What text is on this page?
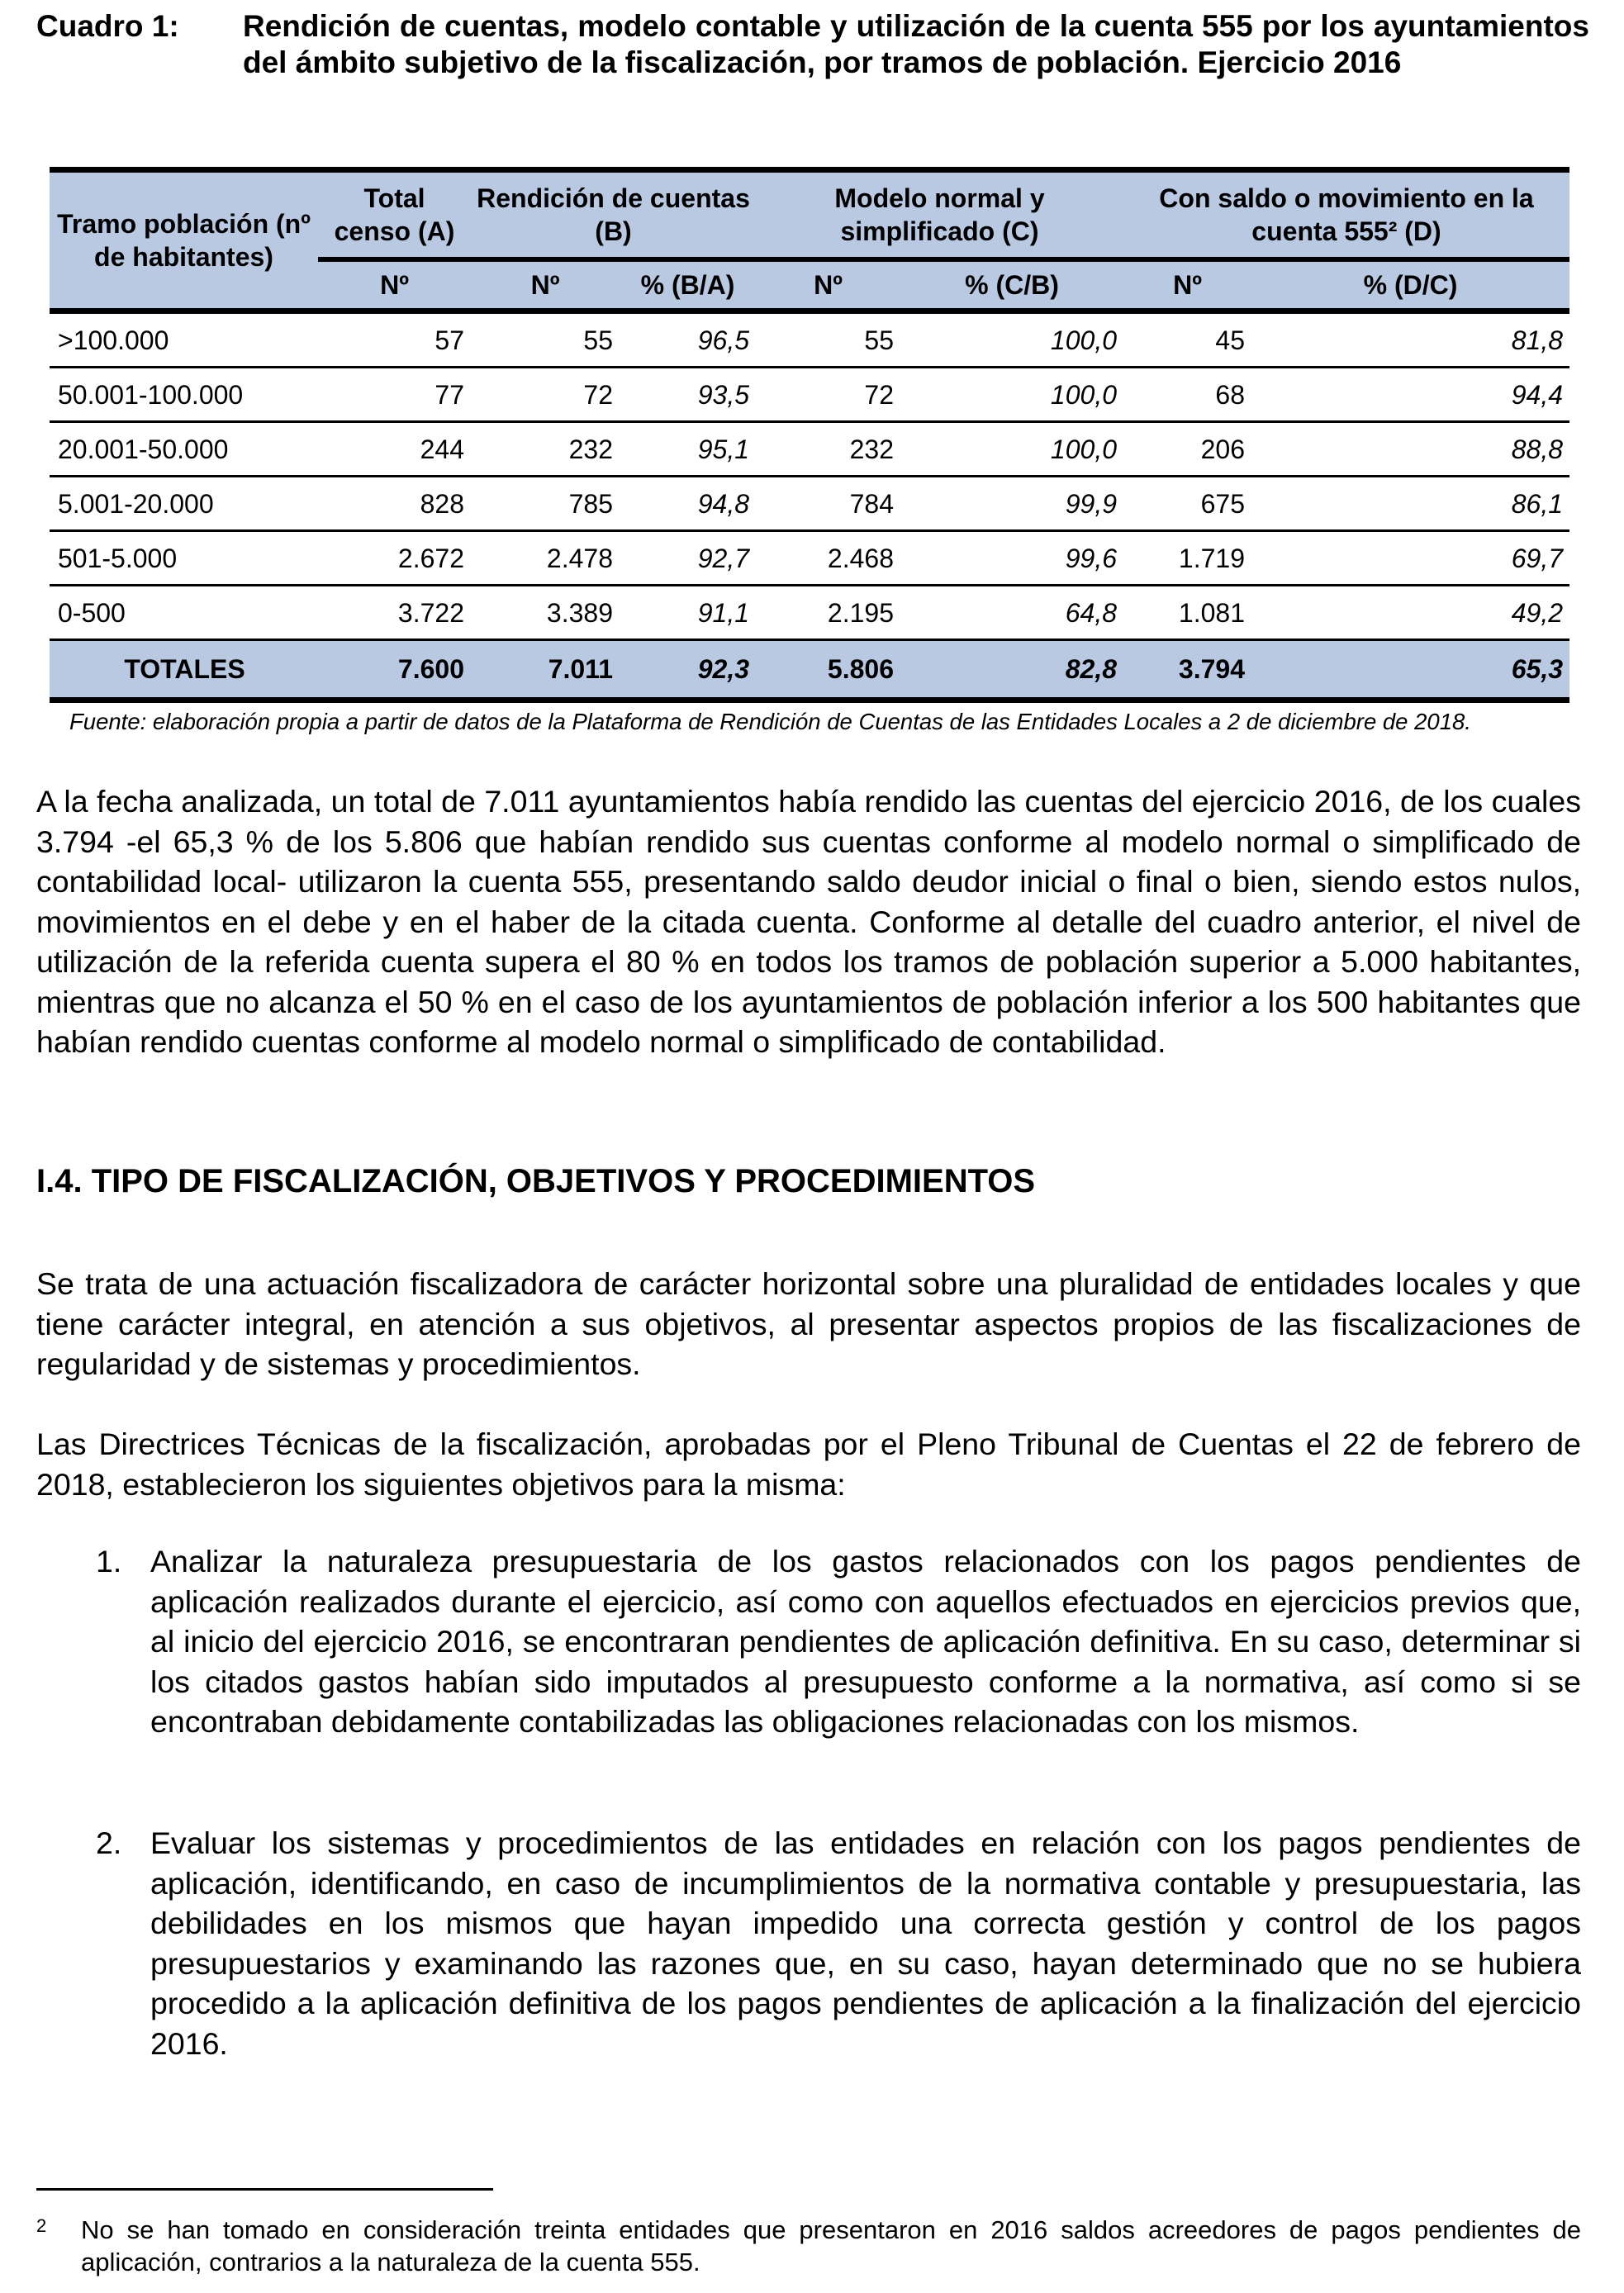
Cuadro 1:	Rendición de cuentas, modelo contable y utilización de la cuenta 555 por los ayuntamientos del ámbito subjetivo de la fiscalización, por tramos de población. Ejercicio 2016
Tramo población (nº de habitantes)	Total censo (A)	Rendición de cuentas (B)		Modelo normal y simplificado (C)		Con saldo o movimiento en la cuenta 555² (D)	
	Nº	Nº	% (B/A)	Nº	% (C/B)	Nº	% (D/C)
>100.000	57	55	96,5	55	100,0	45	81,8
50.001-100.000	77	72	93,5	72	100,0	68	94,4
20.001-50.000	244	232	95,1	232	100,0	206	88,8
5.001-20.000	828	785	94,8	784	99,9	675	86,1
501-5.000	2.672	2.478	92,7	2.468	99,6	1.719	69,7
0-500	3.722	3.389	91,1	2.195	64,8	1.081	49,2
TOTALES	7.600	7.011	92,3	5.806	82,8	3.794	65,3
Fuente: elaboración propia a partir de datos de la Plataforma de Rendición de Cuentas de las Entidades Locales a 2 de diciembre de 2018.
A la fecha analizada, un total de 7.011 ayuntamientos había rendido las cuentas del ejercicio 2016, de los cuales 3.794 -el 65,3 % de los 5.806 que habían rendido sus cuentas conforme al modelo normal o simplificado de contabilidad local- utilizaron la cuenta 555, presentando saldo deudor inicial o final o bien, siendo estos nulos, movimientos en el debe y en el haber de la citada cuenta. Conforme al detalle del cuadro anterior, el nivel de utilización de la referida cuenta supera el 80 % en todos los tramos de población superior a 5.000 habitantes, mientras que no alcanza el 50 % en el caso de los ayuntamientos de población inferior a los 500 habitantes que habían rendido cuentas conforme al modelo normal o simplificado de contabilidad.
I.4. TIPO DE FISCALIZACIÓN, OBJETIVOS Y PROCEDIMIENTOS
Se trata de una actuación fiscalizadora de carácter horizontal sobre una pluralidad de entidades locales y que tiene carácter integral, en atención a sus objetivos, al presentar aspectos propios de las fiscalizaciones de regularidad y de sistemas y procedimientos.
Las Directrices Técnicas de la fiscalización, aprobadas por el Pleno Tribunal de Cuentas el 22 de febrero de 2018, establecieron los siguientes objetivos para la misma:
1. Analizar la naturaleza presupuestaria de los gastos relacionados con los pagos pendientes de aplicación realizados durante el ejercicio, así como con aquellos efectuados en ejercicios previos que, al inicio del ejercicio 2016, se encontraran pendientes de aplicación definitiva. En su caso, determinar si los citados gastos habían sido imputados al presupuesto conforme a la normativa, así como si se encontraban debidamente contabilizadas las obligaciones relacionadas con los mismos.
2. Evaluar los sistemas y procedimientos de las entidades en relación con los pagos pendientes de aplicación, identificando, en caso de incumplimientos de la normativa contable y presupuestaria, las debilidades en los mismos que hayan impedido una correcta gestión y control de los pagos presupuestarios y examinando las razones que, en su caso, hayan determinado que no se hubiera procedido a la aplicación definitiva de los pagos pendientes de aplicación a la finalización del ejercicio 2016.
2	No se han tomado en consideración treinta entidades que presentaron en 2016 saldos acreedores de pagos pendientes de aplicación, contrarios a la naturaleza de la cuenta 555.
